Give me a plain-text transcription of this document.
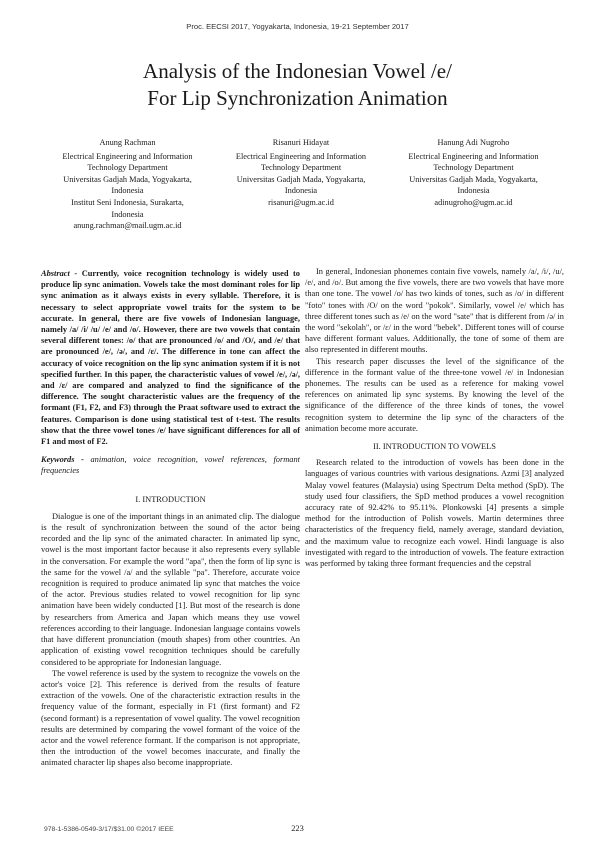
Proc. EECSI 2017, Yogyakarta, Indonesia, 19-21 September 2017
Analysis of the Indonesian Vowel /e/
For Lip Synchronization Animation
Anung Rachman
Electrical Engineering and Information
Technology Department
Universitas Gadjah Mada, Yogyakarta,
Indonesia
Institut Seni Indonesia, Surakarta,
Indonesia
anung.rachman@mail.ugm.ac.id
Risanuri Hidayat
Electrical Engineering and Information
Technology Department
Universitas Gadjah Mada, Yogyakarta,
Indonesia
risanuri@ugm.ac.id
Hanung Adi Nugroho
Electrical Engineering and Information
Technology Department
Universitas Gadjah Mada, Yogyakarta,
Indonesia
adinugroho@ugm.ac.id

Abstract - Currently, voice recognition technology is widely used to produce lip sync animation. Vowels take the most dominant roles for lip sync animation as it always exists in every syllable. Therefore, it is necessary to select appropriate vowel traits for the system to be accurate. In general, there are five vowels of Indonesian language, namely /a/ /i/ /u/ /e/ and /o/. However, there are two vowels that contain several different tones: /o/ that are pronounced /o/ and /O/, and /e/ that are pronounced /e/, /ə/, and /ɛ/. The difference in tone can affect the accuracy of voice recognition on the lip sync animation system if it is not specified further. In this paper, the characteristic values of vowel /e/, /ə/, and /ɛ/ are compared and analyzed to find the significance of the difference. The sought characteristic values are the frequency of the formant (F1, F2, and F3) through the Praat software used to extract the features. Comparison is done using statistical test of t-test. The results show that the three vowel tones /e/ have significant differences for all of F1 and most of F2.

Keywords - animation, voice recognition, vowel references, formant frequencies

I. INTRODUCTION

Dialogue is one of the important things in an animated clip. The dialogue is the result of synchronization between the sound of the actor being recorded and the lip sync of the animated character. In animated lip sync, vowel is the most important factor because it also represents every syllable in the conversation. For example the word "apa", then the form of lip sync is the same for the vowel /a/ and the syllable "pa". Therefore, accurate voice recognition is required to produce animated lip sync that matches the voice of the actor. Previous studies related to vowel recognition for lip sync animation have been widely conducted [1]. But most of the research is done by researchers from America and Japan which means they use vowel references according to their language. Indonesian language contains vowels that have different pronunciation (mouth shapes) from other countries. An application of existing vowel recognition techniques should be carefully considered to be appropriate for Indonesian language.

The vowel reference is used by the system to recognize the vowels on the actor's voice [2]. This reference is derived from the results of feature extraction of the vowels. One of the characteristic extraction results in the frequency value of the formant, especially in F1 (first formant) and F2 (second formant) is a representation of vowel quality. The vowel recognition results are determined by comparing the vowel formant of the voice of the actor and the vowel reference formant. If the comparison is not appropriate, then the introduction of the vowel becomes inaccurate, and finally the animated character lip shapes also become inappropriate.

In general, Indonesian phonemes contain five vowels, namely /a/, /i/, /u/, /e/, and /o/. But among the five vowels, there are two vowels that have more than one tone. The vowel /o/ has two kinds of tones, such as /o/ in different "foto" tones with /O/ on the word "pokok". Similarly, vowel /e/ which has three different tones such as /e/ on the word "sate" that is different from /ə/ in the word "sekolah", or /ɛ/ in the word "bebek". Different tones will of course have different formant values. Additionally, the tone of some of them are also represented in different mouths.

This research paper discusses the level of the significance of the difference in the formant value of the three-tone vowel /e/ in Indonesian phonemes. The results can be used as a reference for making vowel references on animated lip sync systems. By knowing the level of the significance of the difference of the three kinds of tones, the vowel recognition system to determine the lip sync of the characters of the animation become more accurate.

II. INTRODUCTION TO VOWELS

Research related to the introduction of vowels has been done in the languages of various countries with various designations. Azmi [3] analyzed Malay vowel features (Malaysia) using Spectrum Delta method (SpD). The study used four classifiers, the SpD method produces a vowel recognition accuracy rate of 92.42% to 95.11%. Plonkowski [4] presents a simple method for the introduction of Polish vowels. Martin determines three characteristics of the frequency field, namely average, standard deviation, and the maximum value to recognize each vowel. Hindi language is also investigated with regard to the introduction of vowels. The feature extraction was performed by taking three formant frequencies and the cepstral

978-1-5386-0549-3/17/$31.00 ©2017 IEEE	223
